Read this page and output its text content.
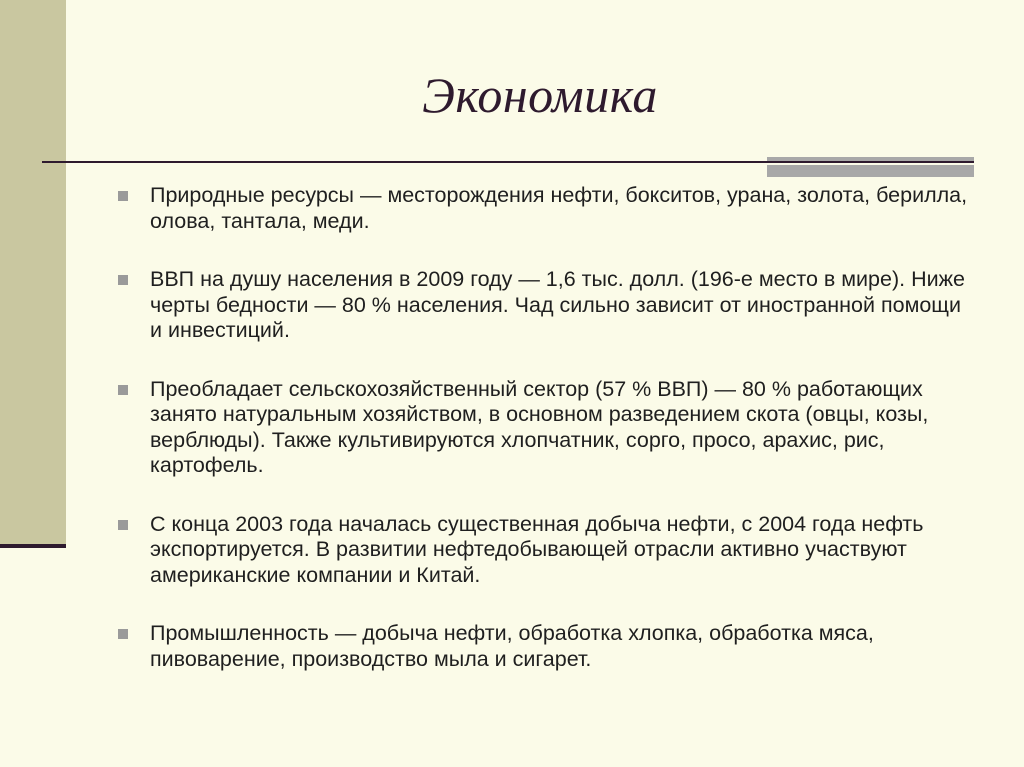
Экономика
Природные ресурсы — месторождения нефти, бокситов, урана, золота, берилла, олова, тантала, меди.
ВВП на душу населения в 2009 году — 1,6 тыс. долл. (196-е место в мире). Ниже черты бедности — 80 % населения. Чад сильно зависит от иностранной помощи и инвестиций.
Преобладает сельскохозяйственный сектор (57 % ВВП) — 80 % работающих занято натуральным хозяйством, в основном разведением скота (овцы, козы, верблюды). Также культивируются хлопчатник, сорго, просо, арахис, рис, картофель.
С конца 2003 года началась существенная добыча нефти, с 2004 года нефть экспортируется. В развитии нефтедобывающей отрасли активно участвуют американские компании и Китай.
Промышленность — добыча нефти, обработка хлопка, обработка мяса, пивоварение, производство мыла и сигарет.
